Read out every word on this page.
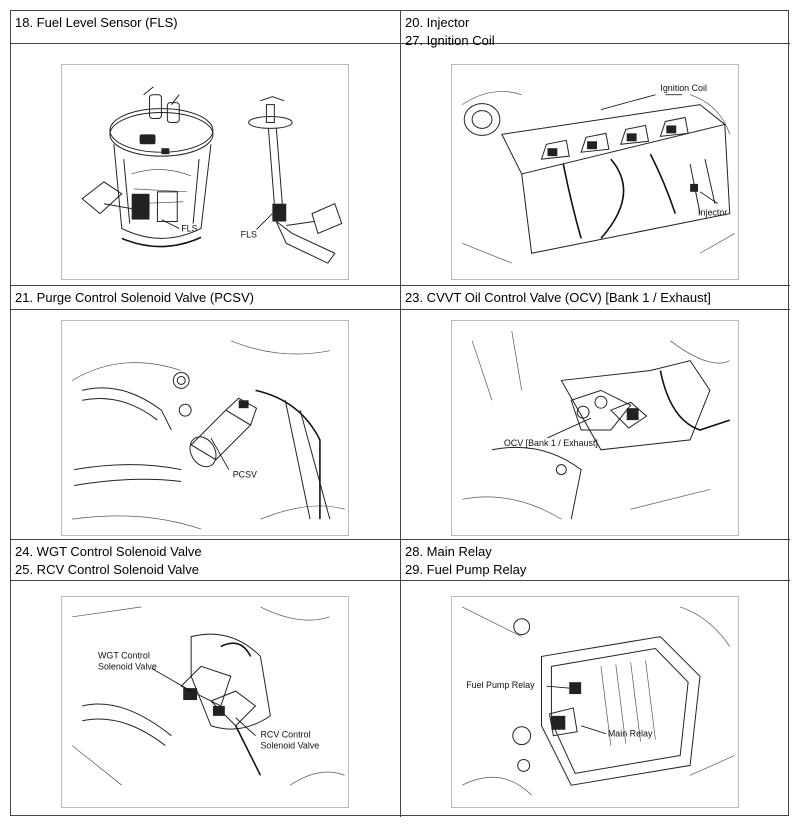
18. Fuel Level Sensor (FLS)	20. Injector
27. Ignition Coil
FLS
FLS
Ignition Coil
Injector
21. Purge Control Solenoid Valve (PCSV)	23. CVVT Oil Control Valve (OCV) [Bank 1 / Exhaust]
PCSV
OCV [Bank 1 / Exhaust]
24. WGT Control Solenoid Valve
25. RCV Control Solenoid Valve
28. Main Relay
29. Fuel Pump Relay
WGT Control
Solenoid Valve
RCV Control
Solenoid Valve
Fuel Pump Relay
Main Relay
